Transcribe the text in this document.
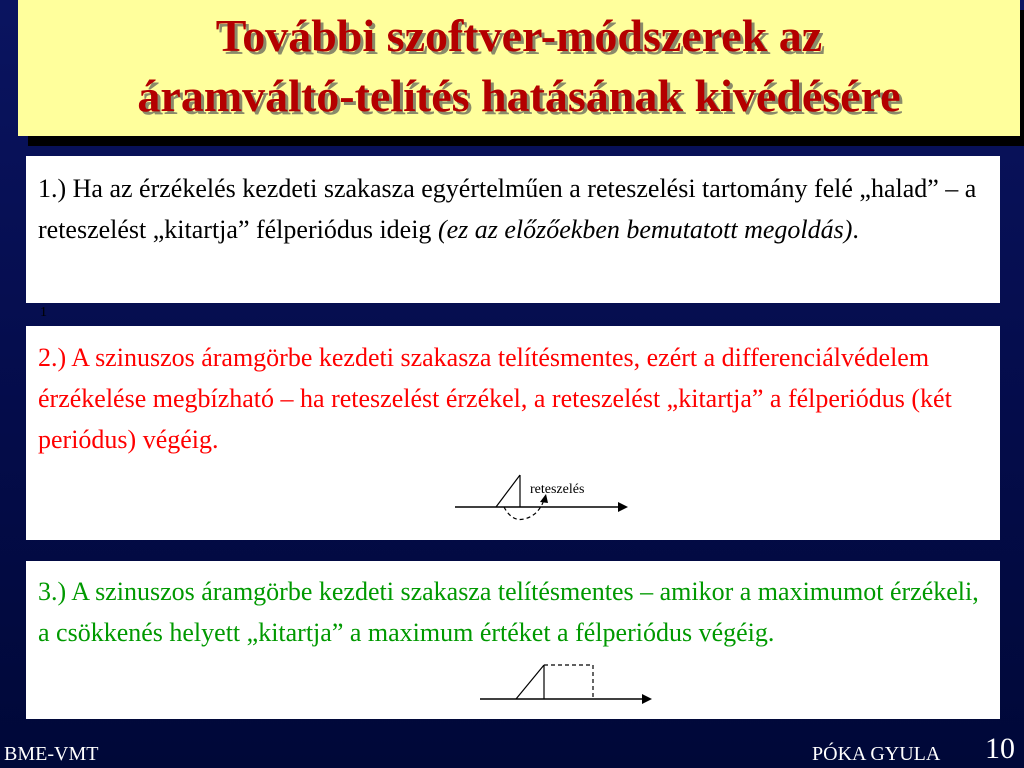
További szoftver-módszerek az
áramváltó-telítés hatásának kivédésére
1.) Ha az érzékelés kezdeti szakasza egyértelműen a reteszelési tartomány felé „halad” – a reteszelést „kitartja” félperiódus ideig (ez az előzőekben bemutatott megoldás).
1
2.) A szinuszos áramgörbe kezdeti szakasza telítésmentes, ezért a differenciálvédelem érzékelése megbízható – ha reteszelést érzékel, a reteszelést „kitartja” a félperiódus (két periódus) végéig.
reteszelés
3.) A szinuszos áramgörbe kezdeti szakasza telítésmentes – amikor a maximumot érzékeli, a csökkenés helyett „kitartja” a maximum értéket a félperiódus végéig.
BME-VMT	PÓKA GYULA 10
